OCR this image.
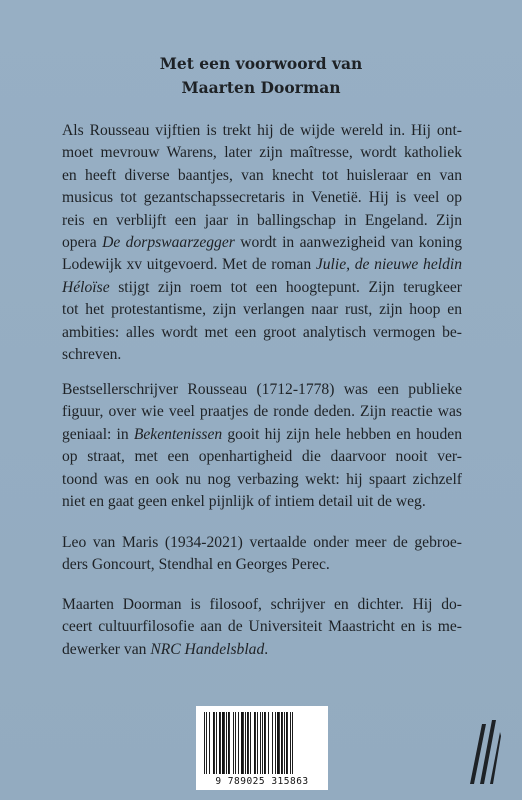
Met een voorwoord van
Maarten Doorman
Als Rousseau vijftien is trekt hij de wijde wereld in. Hij ont-
moet mevrouw Warens, later zijn maîtresse, wordt katholiek
en heeft diverse baantjes, van knecht tot huisleraar en van
musicus tot gezantschapssecretaris in Venetië. Hij is veel op
reis en verblijft een jaar in ballingschap in Engeland. Zijn
opera De dorpswaarzegger wordt in aanwezigheid van koning
Lodewijk xv uitgevoerd. Met de roman Julie, de nieuwe heldin
Héloïse stijgt zijn roem tot een hoogtepunt. Zijn terugkeer
tot het protestantisme, zijn verlangen naar rust, zijn hoop en
ambities: alles wordt met een groot analytisch vermogen be-
schreven.
Bestsellerschrijver Rousseau (1712-1778) was een publieke
figuur, over wie veel praatjes de ronde deden. Zijn reactie was
geniaal: in Bekentenissen gooit hij zijn hele hebben en houden
op straat, met een openhartigheid die daarvoor nooit ver-
toond was en ook nu nog verbazing wekt: hij spaart zichzelf
niet en gaat geen enkel pijnlijk of intiem detail uit de weg.
Leo van Maris (1934-2021) vertaalde onder meer de gebroe-
ders Goncourt, Stendhal en Georges Perec.
Maarten Doorman is filosoof, schrijver en dichter. Hij do-
ceert cultuurfilosofie aan de Universiteit Maastricht en is me-
dewerker van NRC Handelsblad.
9 789025 315863
